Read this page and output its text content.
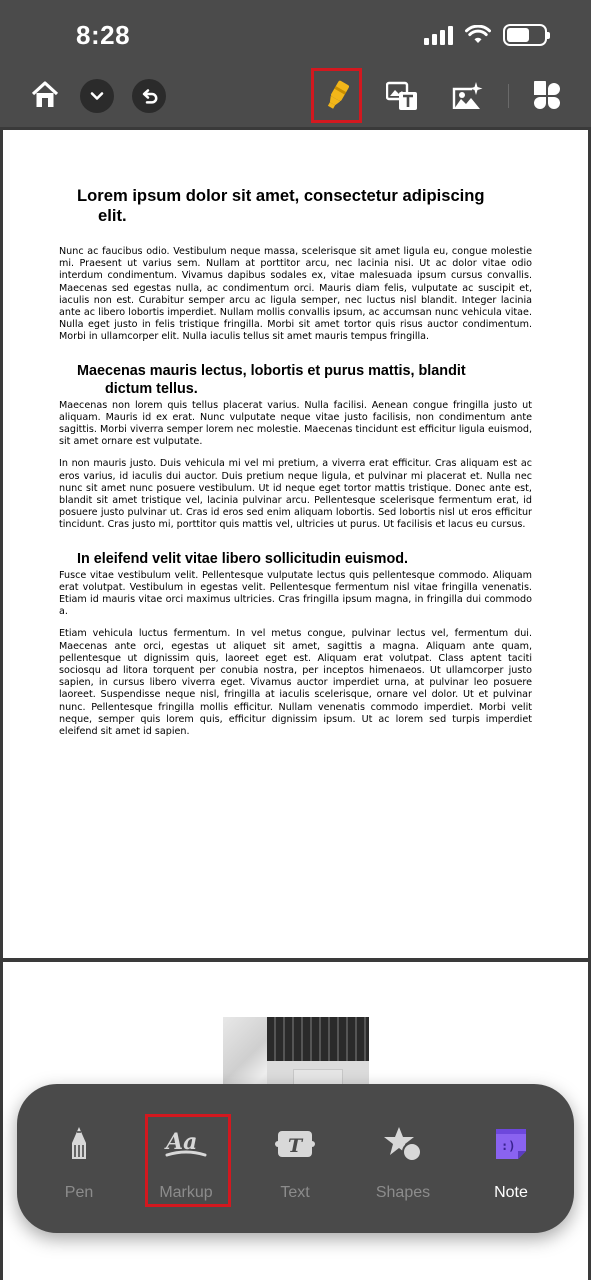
8:28
Lorem ipsum dolor sit amet, consectetur adipiscing
elit.

Nunc ac faucibus odio. Vestibulum neque massa, scelerisque sit amet ligula eu, congue molestie mi. Praesent ut varius sem. Nullam at porttitor arcu, nec lacinia nisi. Ut ac dolor vitae odio interdum condimentum. Vivamus dapibus sodales ex, vitae malesuada ipsum cursus convallis. Maecenas sed egestas nulla, ac condimentum orci. Mauris diam felis, vulputate ac suscipit et, iaculis non est. Curabitur semper arcu ac ligula semper, nec luctus nisl blandit. Integer lacinia ante ac libero lobortis imperdiet. Nullam mollis convallis ipsum, ac accumsan nunc vehicula vitae. Nulla eget justo in felis tristique fringilla. Morbi sit amet tortor quis risus auctor condimentum. Morbi in ullamcorper elit. Nulla iaculis tellus sit amet mauris tempus fringilla.

Maecenas mauris lectus, lobortis et purus mattis, blandit
dictum tellus.

Maecenas non lorem quis tellus placerat varius. Nulla facilisi. Aenean congue fringilla justo ut aliquam. Mauris id ex erat. Nunc vulputate neque vitae justo facilisis, non condimentum ante sagittis. Morbi viverra semper lorem nec molestie. Maecenas tincidunt est efficitur ligula euismod, sit amet ornare est vulputate.

In non mauris justo. Duis vehicula mi vel mi pretium, a viverra erat efficitur. Cras aliquam est ac eros varius, id iaculis dui auctor. Duis pretium neque ligula, et pulvinar mi placerat et. Nulla nec nunc sit amet nunc posuere vestibulum. Ut id neque eget tortor mattis tristique. Donec ante est, blandit sit amet tristique vel, lacinia pulvinar arcu. Pellentesque scelerisque fermentum erat, id posuere justo pulvinar ut. Cras id eros sed enim aliquam lobortis. Sed lobortis nisl ut eros efficitur tincidunt. Cras justo mi, porttitor quis mattis vel, ultricies ut purus. Ut facilisis et lacus eu cursus.

In eleifend velit vitae libero sollicitudin euismod.

Fusce vitae vestibulum velit. Pellentesque vulputate lectus quis pellentesque commodo. Aliquam erat volutpat. Vestibulum in egestas velit. Pellentesque fermentum nisl vitae fringilla venenatis. Etiam id mauris vitae orci maximus ultricies. Cras fringilla ipsum magna, in fringilla dui commodo a.

Etiam vehicula luctus fermentum. In vel metus congue, pulvinar lectus vel, fermentum dui. Maecenas ante orci, egestas ut aliquet sit amet, sagittis a magna. Aliquam ante quam, pellentesque ut dignissim quis, laoreet eget est. Aliquam erat volutpat. Class aptent taciti sociosqu ad litora torquent per conubia nostra, per inceptos himenaeos. Ut ullamcorper justo sapien, in cursus libero viverra eget. Vivamus auctor imperdiet urna, at pulvinar leo posuere laoreet. Suspendisse neque nisl, fringilla at iaculis scelerisque, ornare vel dolor. Ut et pulvinar nunc. Pellentesque fringilla mollis efficitur. Nullam venenatis commodo imperdiet. Morbi velit neque, semper quis lorem quis, efficitur dignissim ipsum. Ut ac lorem sed turpis imperdiet eleifend sit amet id sapien.

Pen
Aa
Markup
T
Text	Shapes
:)
Note
